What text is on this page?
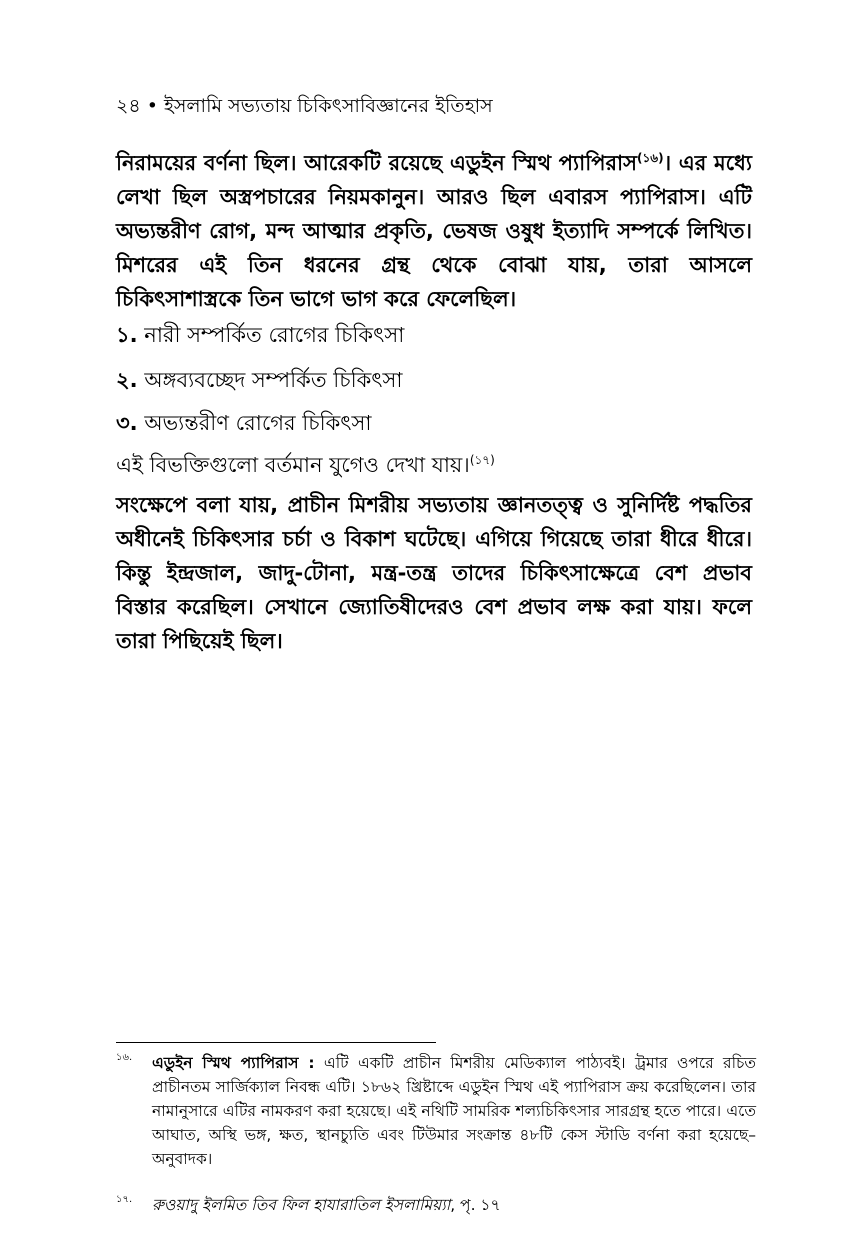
২৪ • ইসলামি সভ্যতায় চিকিৎসাবিজ্ঞানের ইতিহাস

নিরাময়ের বর্ণনা ছিল। আরেকটি রয়েছে এডুইন স্মিথ প্যাপিরাস$^{(১৬)}$। এর মধ্যে লেখা ছিল অস্ত্রপচারের নিয়মকানুন। আরও ছিল এবারস প্যাপিরাস। এটি অভ্যন্তরীণ রোগ, মন্দ আত্মার প্রকৃতি, ভেষজ ওষুধ ইত্যাদি সম্পর্কে লিখিত। মিশরের এই তিন ধরনের গ্রন্থ থেকে বোঝা যায়, তারা আসলে চিকিৎসাশাস্ত্রকে তিন ভাগে ভাগ করে ফেলেছিল।

১. নারী সম্পর্কিত রোগের চিকিৎসা
২. অঙ্গব্যবচ্ছেদ সম্পর্কিত চিকিৎসা
৩. অভ্যন্তরীণ রোগের চিকিৎসা
এই বিভক্তিগুলো বর্তমান যুগেও দেখা যায়।$^{(১৭)}$

সংক্ষেপে বলা যায়, প্রাচীন মিশরীয় সভ্যতায় জ্ঞানতত্ত্ব ও সুনির্দিষ্ট পদ্ধতির অধীনেই চিকিৎসার চর্চা ও বিকাশ ঘটেছে। এগিয়ে গিয়েছে তারা ধীরে ধীরে। কিন্তু ইন্দ্রজাল, জাদু-টোনা, মন্ত্র-তন্ত্র তাদের চিকিৎসাক্ষেত্রে বেশ প্রভাব বিস্তার করেছিল। সেখানে জ্যোতিষীদেরও বেশ প্রভাব লক্ষ করা যায়। ফলে তারা পিছিয়েই ছিল।

১৬. এডুইন স্মিথ প্যাপিরাস : এটি একটি প্রাচীন মিশরীয় মেডিক্যাল পাঠ্যবই। ট্রমার ওপরে রচিত প্রাচীনতম সার্জিক্যাল নিবন্ধ এটি। ১৮৬২ খ্রিষ্টাব্দে এডুইন স্মিথ এই প্যাপিরাস ক্রয় করেছিলেন। তার নামানুসারে এটির নামকরণ করা হয়েছে। এই নথিটি সামরিক শল্যচিকিৎসার সারগ্রন্থ হতে পারে। এতে আঘাত, অস্থি ভঙ্গ, ক্ষত, স্থানচ্যুতি এবং টিউমার সংক্রান্ত ৪৮টি কেস স্টাডি বর্ণনা করা হয়েছে– অনুবাদক।
১৭. রুওয়াদু ইলমিত তিব ফিল হাযারাতিল ইসলামিয়্যা, পৃ. ১৭
